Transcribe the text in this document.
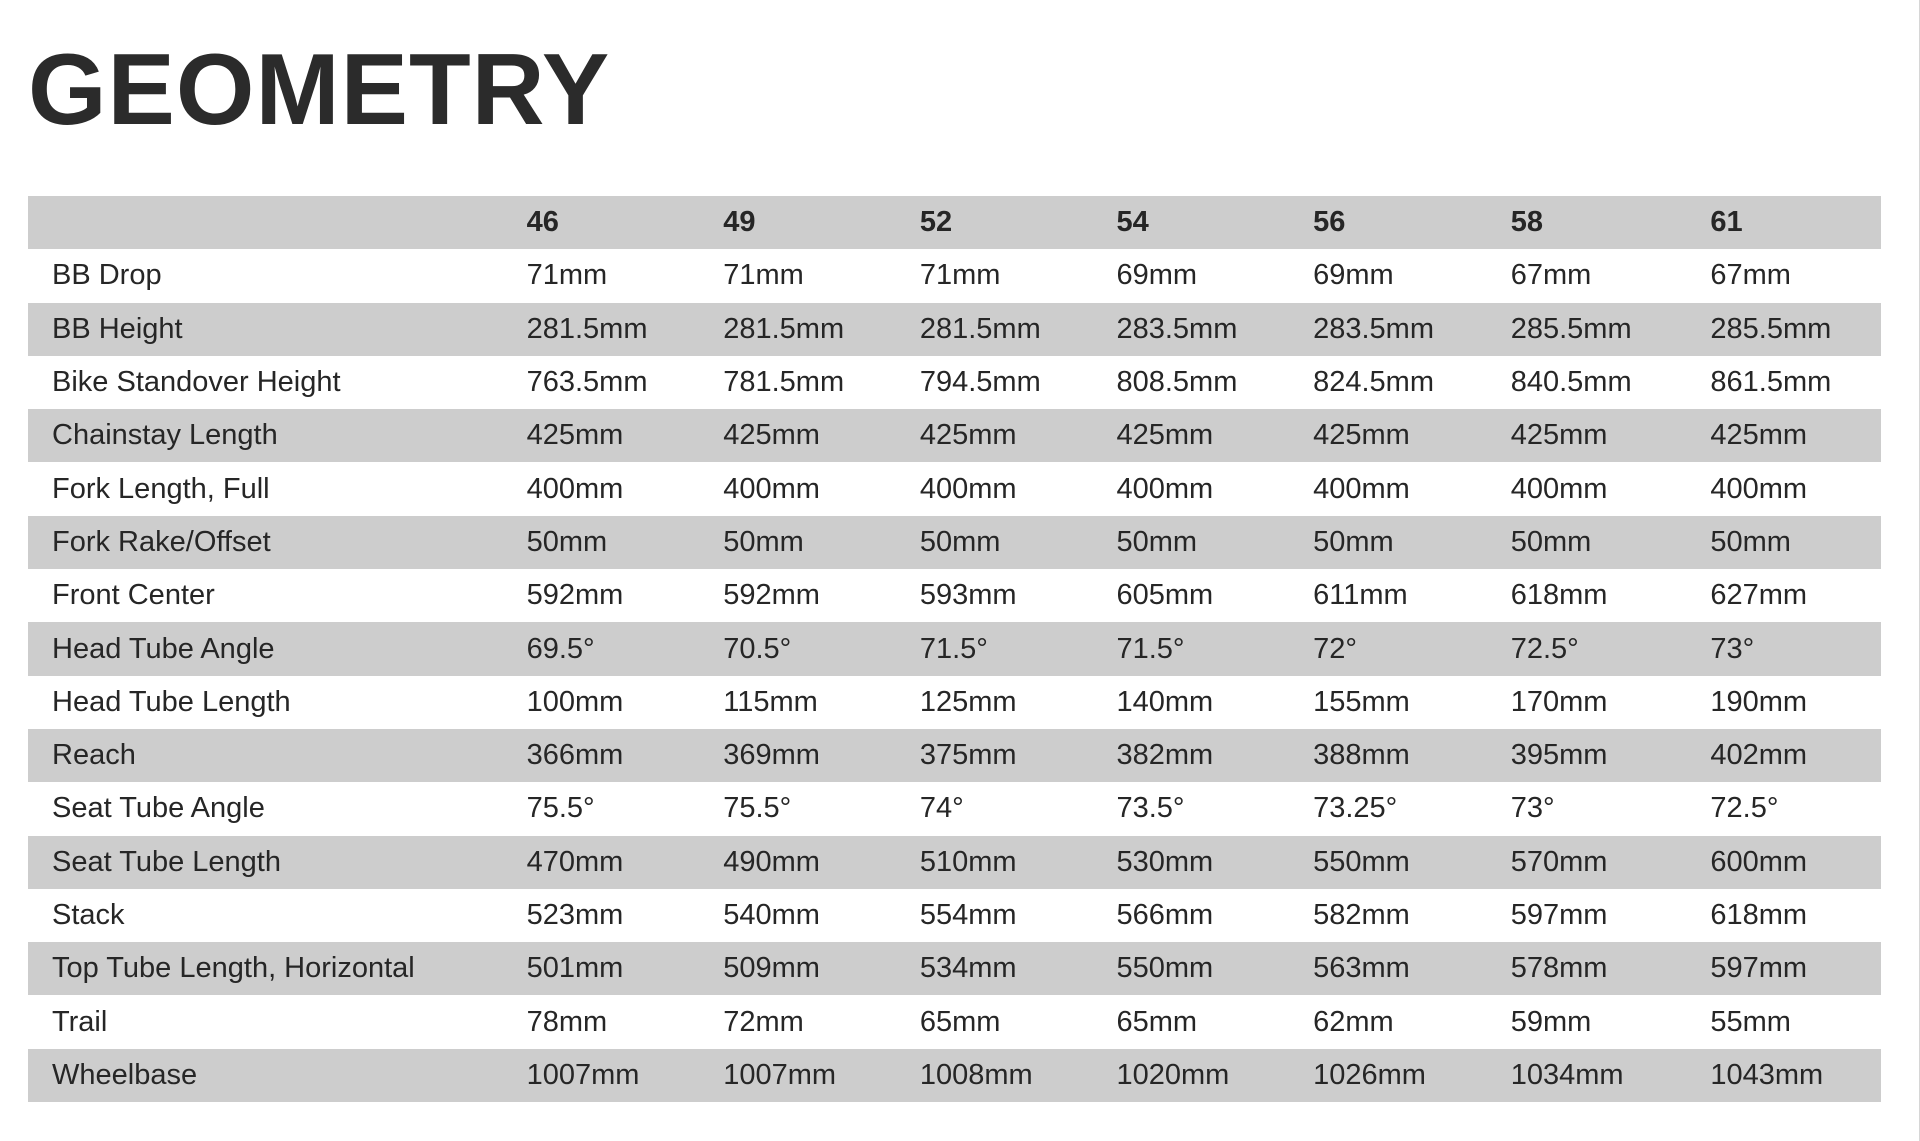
GEOMETRY
	46	49	52	54	56	58	61
BB Drop	71mm	71mm	71mm	69mm	69mm	67mm	67mm
BB Height	281.5mm	281.5mm	281.5mm	283.5mm	283.5mm	285.5mm	285.5mm
Bike Standover Height	763.5mm	781.5mm	794.5mm	808.5mm	824.5mm	840.5mm	861.5mm
Chainstay Length	425mm	425mm	425mm	425mm	425mm	425mm	425mm
Fork Length, Full	400mm	400mm	400mm	400mm	400mm	400mm	400mm
Fork Rake/Offset	50mm	50mm	50mm	50mm	50mm	50mm	50mm
Front Center	592mm	592mm	593mm	605mm	611mm	618mm	627mm
Head Tube Angle	69.5°	70.5°	71.5°	71.5°	72°	72.5°	73°
Head Tube Length	100mm	115mm	125mm	140mm	155mm	170mm	190mm
Reach	366mm	369mm	375mm	382mm	388mm	395mm	402mm
Seat Tube Angle	75.5°	75.5°	74°	73.5°	73.25°	73°	72.5°
Seat Tube Length	470mm	490mm	510mm	530mm	550mm	570mm	600mm
Stack	523mm	540mm	554mm	566mm	582mm	597mm	618mm
Top Tube Length, Horizontal	501mm	509mm	534mm	550mm	563mm	578mm	597mm
Trail	78mm	72mm	65mm	65mm	62mm	59mm	55mm
Wheelbase	1007mm	1007mm	1008mm	1020mm	1026mm	1034mm	1043mm
